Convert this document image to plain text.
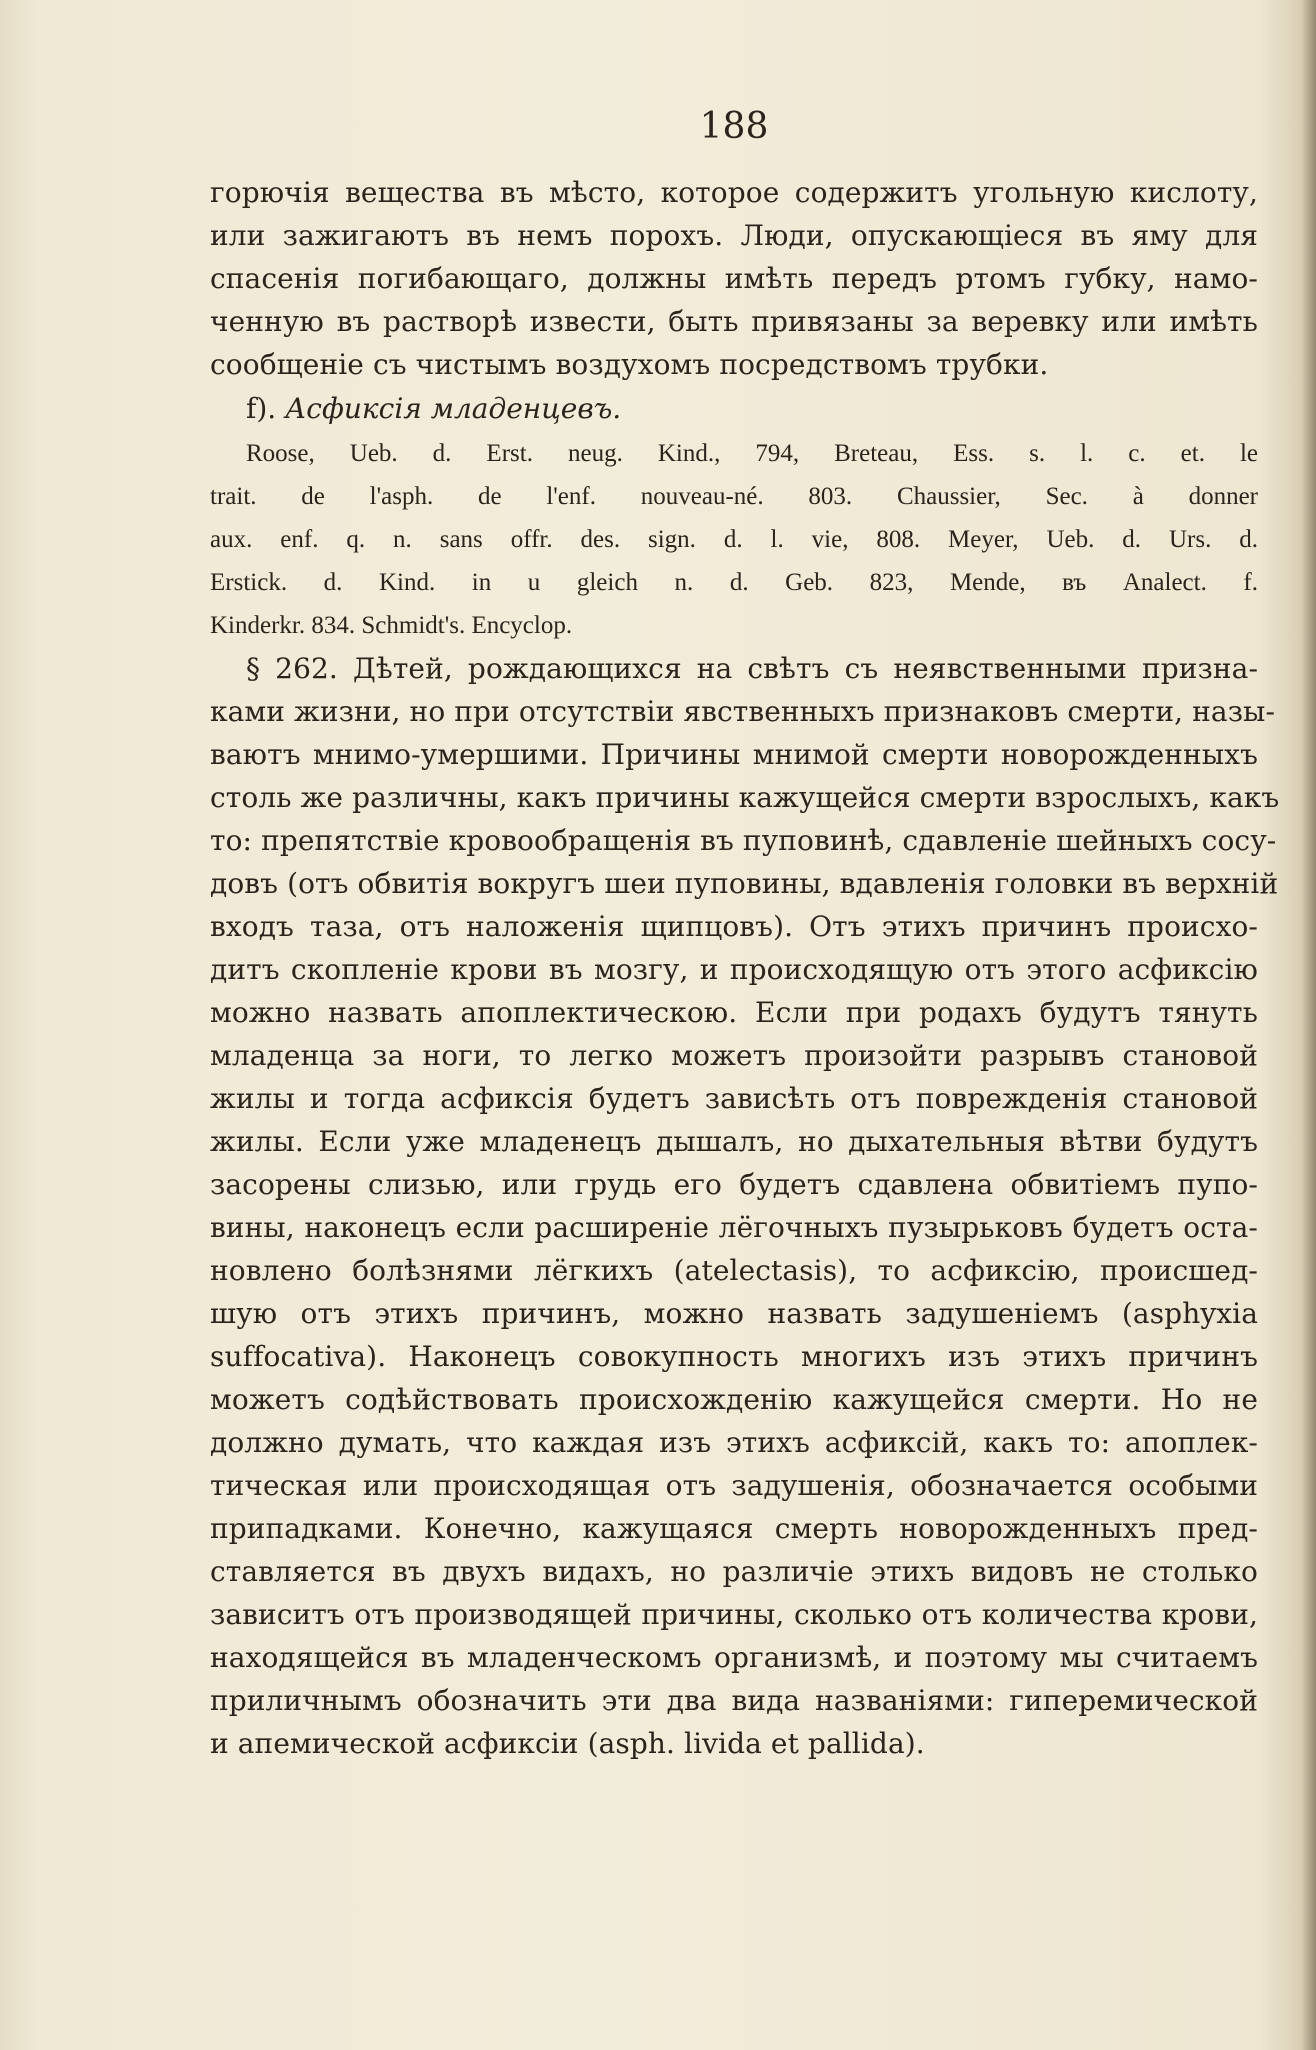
188
горючія вещества въ мѣсто, которое содержитъ угольную кислоту,
или зажигаютъ въ немъ порохъ. Люди, опускающіеся въ яму для
спасенія погибающаго, должны имѣть передъ ртомъ губку, намо-
ченную въ растворѣ извести, быть привязаны за веревку или имѣть
сообщеніе съ чистымъ воздухомъ посредствомъ трубки.
f). Асфиксія младенцевъ.
Roose, Ueb. d. Erst. neug. Kind., 794, Breteau, Ess. s. l. c. et. le
trait. de l'asph. de l'enf. nouveau-né. 803. Chaussier, Sec. à donner
aux. enf. q. n. sans offr. des. sign. d. l. vie, 808. Meyer, Ueb. d. Urs. d.
Erstick. d. Kind. in u gleich n. d. Geb. 823, Mende, въ Analect. f.
Kinderkr. 834. Schmidt's. Encyclop.
§ 262. Дѣтей, рождающихся на свѣтъ съ неявственными призна-
ками жизни, но при отсутствіи явственныхъ признаковъ смерти, назы-
ваютъ мнимо-умершими. Причины мнимой смерти новорожденныхъ
столь же различны, какъ причины кажущейся смерти взрослыхъ, какъ
то: препятствіе кровообращенія въ пуповинѣ, сдавленіе шейныхъ сосу-
довъ (отъ обвитія вокругъ шеи пуповины, вдавленія головки въ верхній
входъ таза, отъ наложенія щипцовъ). Отъ этихъ причинъ происхо-
дитъ скопленіе крови въ мозгу, и происходящую отъ этого асфиксію
можно назвать апоплектическою. Если при родахъ будутъ тянуть
младенца за ноги, то легко можетъ произойти разрывъ становой
жилы и тогда асфиксія будетъ зависѣть отъ поврежденія становой
жилы. Если уже младенецъ дышалъ, но дыхательныя вѣтви будутъ
засорены слизью, или грудь его будетъ сдавлена обвитіемъ пупо-
вины, наконецъ если расширеніе лёгочныхъ пузырьковъ будетъ оста-
новлено болѣзнями лёгкихъ (atelectasis), то асфиксію, происшед-
шую отъ этихъ причинъ, можно назвать задушеніемъ (asphyxia
suffocativa). Наконецъ совокупность многихъ изъ этихъ причинъ
можетъ содѣйствовать происхожденію кажущейся смерти. Но не
должно думать, что каждая изъ этихъ асфиксій, какъ то: апоплек-
тическая или происходящая отъ задушенія, обозначается особыми
припадками. Конечно, кажущаяся смерть новорожденныхъ пред-
ставляется въ двухъ видахъ, но различіе этихъ видовъ не столько
зависитъ отъ производящей причины, сколько отъ количества крови,
находящейся въ младенческомъ организмѣ, и поэтому мы считаемъ
приличнымъ обозначить эти два вида названіями: гиперемической
и апемической асфиксіи (asph. livida et pallida).
